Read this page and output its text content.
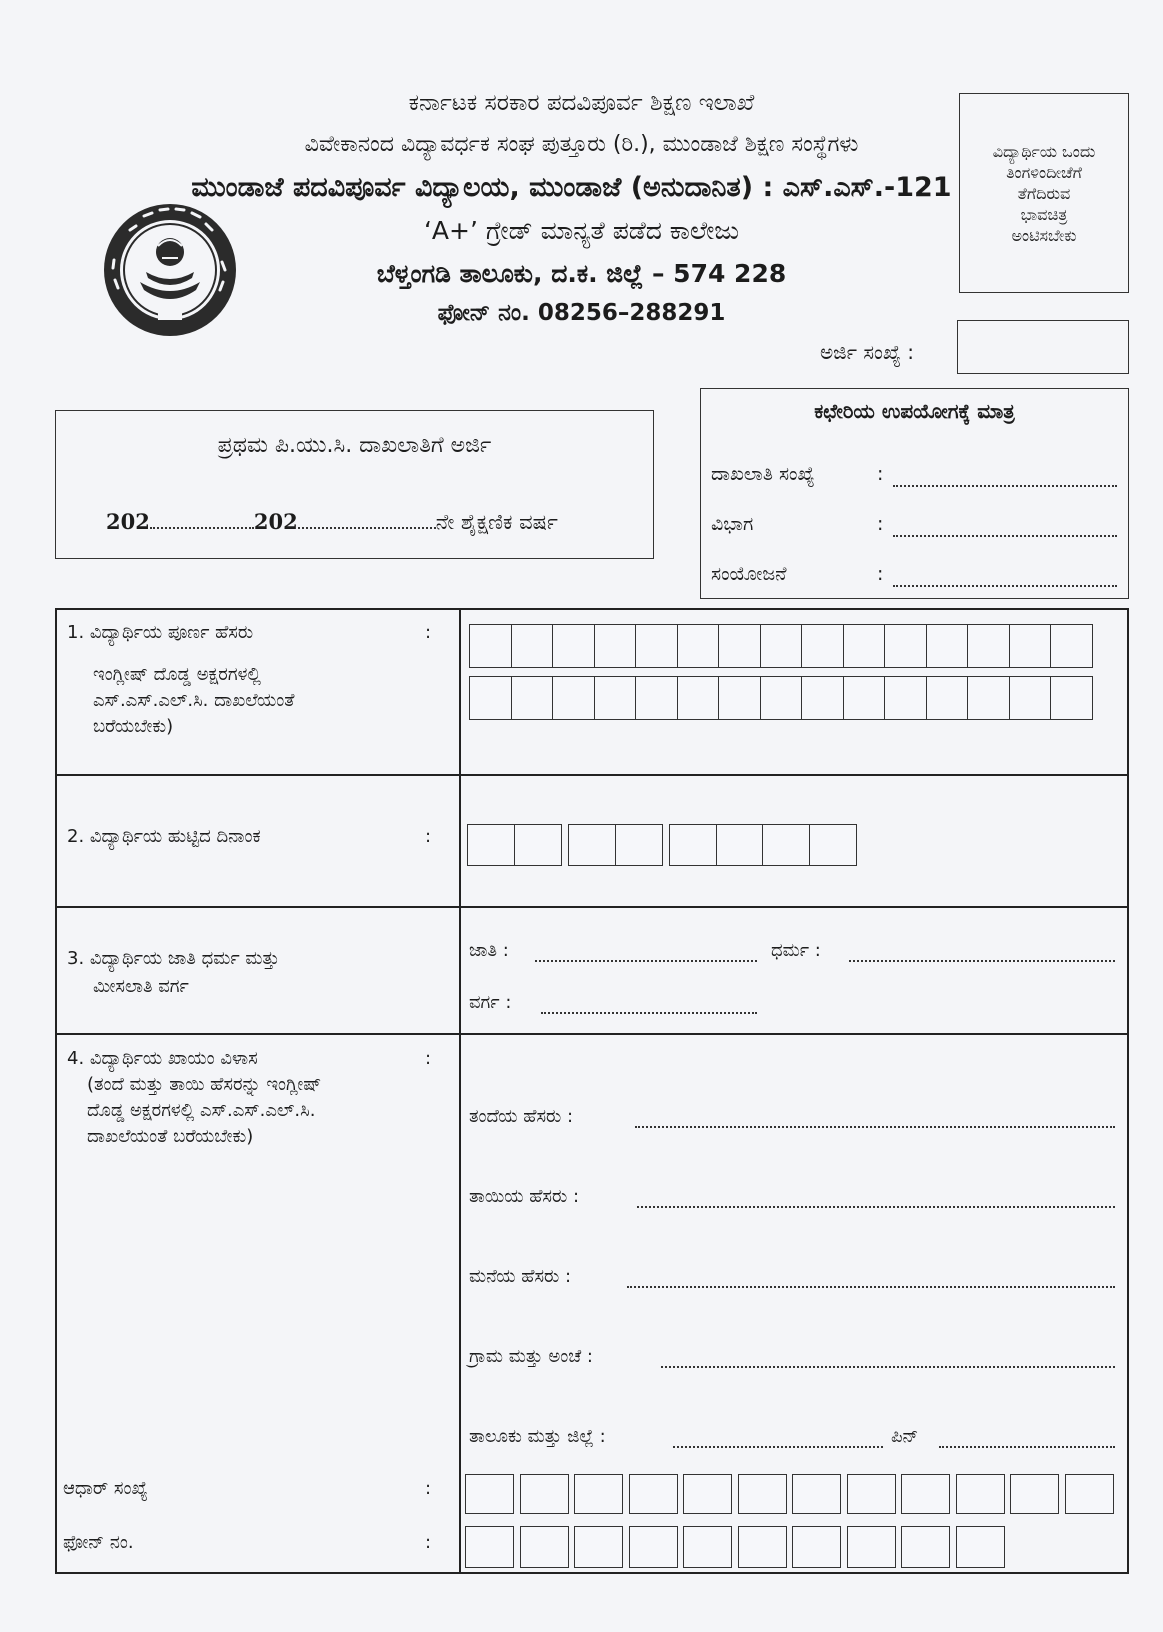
ಕರ್ನಾಟಕ ಸರಕಾರ ಪದವಿಪೂರ್ವ ಶಿಕ್ಷಣ ಇಲಾಖೆ
ವಿವೇಕಾನಂದ ವಿದ್ಯಾವರ್ಧಕ ಸಂಘ ಪುತ್ತೂರು (ರಿ.), ಮುಂಡಾಜೆ ಶಿಕ್ಷಣ ಸಂಸ್ಥೆಗಳು
ಮುಂಡಾಜೆ ಪದವಿಪೂರ್ವ ವಿದ್ಯಾಲಯ, ಮುಂಡಾಜೆ (ಅನುದಾನಿತ) : ಎಸ್.ಎಸ್.-121
‘A+’ ಗ್ರೇಡ್ ಮಾನ್ಯತೆ ಪಡೆದ ಕಾಲೇಜು
ಬೆಳ್ತಂಗಡಿ ತಾಲೂಕು, ದ.ಕ. ಜಿಲ್ಲೆ – 574 228
ಫೋನ್ ನಂ. 08256–288291
ವಿದ್ಯಾರ್ಥಿಯ ಒಂದು
ತಿಂಗಳಿಂದೀಚೆಗೆ
ತೆಗೆದಿರುವ
ಭಾವಚಿತ್ರ
ಅಂಟಿಸಬೇಕು
ಅರ್ಜಿ ಸಂಖ್ಯೆ :
ಪ್ರಥಮ ಪಿ.ಯು.ಸಿ. ದಾಖಲಾತಿಗೆ ಅರ್ಜಿ
202	202	ನೇ ಶೈಕ್ಷಣಿಕ ವರ್ಷ
ಕಛೇರಿಯ ಉಪಯೋಗಕ್ಕೆ ಮಾತ್ರ
ದಾಖಲಾತಿ ಸಂಖ್ಯೆ	:
ವಿಭಾಗ	:
ಸಂಯೋಜನೆ	:
1. ವಿದ್ಯಾರ್ಥಿಯ ಪೂರ್ಣ ಹೆಸರು	:
ಇಂಗ್ಲೀಷ್ ದೊಡ್ಡ ಅಕ್ಷರಗಳಲ್ಲಿ
ಎಸ್.ಎಸ್.ಎಲ್.ಸಿ. ದಾಖಲೆಯಂತೆ
ಬರೆಯಬೇಕು)
2. ವಿದ್ಯಾರ್ಥಿಯ ಹುಟ್ಟಿದ ದಿನಾಂಕ	:
3. ವಿದ್ಯಾರ್ಥಿಯ ಜಾತಿ ಧರ್ಮ ಮತ್ತು
ಮೀಸಲಾತಿ ವರ್ಗ
ಜಾತಿ :	ಧರ್ಮ :
ವರ್ಗ :
4. ವಿದ್ಯಾರ್ಥಿಯ ಖಾಯಂ ವಿಳಾಸ	:
(ತಂದೆ ಮತ್ತು ತಾಯಿ ಹೆಸರನ್ನು ಇಂಗ್ಲೀಷ್
ದೊಡ್ಡ ಅಕ್ಷರಗಳಲ್ಲಿ ಎಸ್.ಎಸ್.ಎಲ್.ಸಿ.
ದಾಖಲೆಯಂತೆ ಬರೆಯಬೇಕು)
ತಂದೆಯ ಹೆಸರು :
ತಾಯಿಯ ಹೆಸರು :
ಮನೆಯ ಹೆಸರು :
ಗ್ರಾಮ ಮತ್ತು ಅಂಚೆ :
ತಾಲೂಕು ಮತ್ತು ಜಿಲ್ಲೆ :	ಪಿನ್
ಆಧಾರ್ ಸಂಖ್ಯೆ	:
ಫೋನ್ ನಂ.	:
